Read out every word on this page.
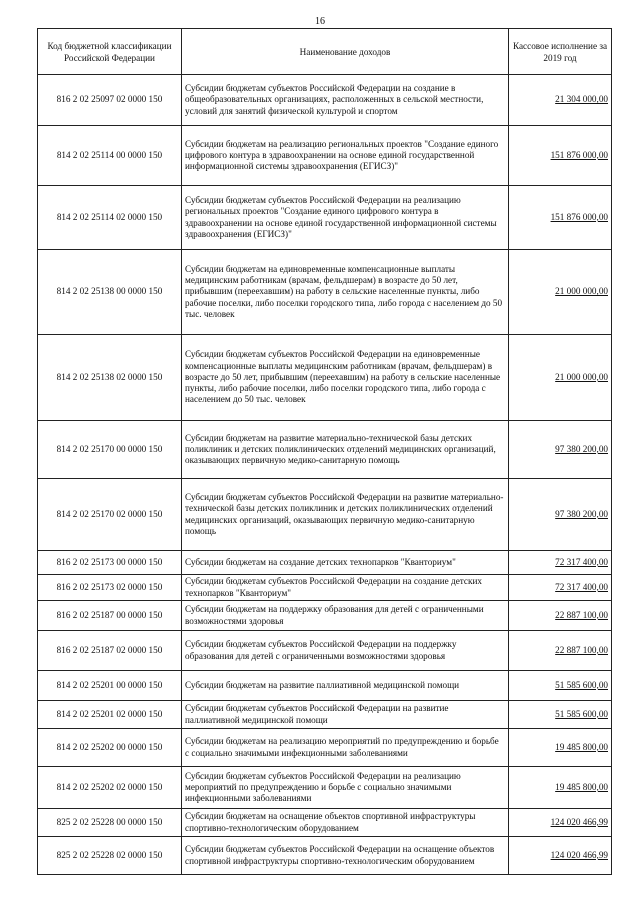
16
Код бюджетной классификации Российской Федерации	Наименование доходов	Кассовое исполнение за 2019 год
816 2 02 25097 02 0000 150	Субсидии бюджетам субъектов Российской Федерации на создание в общеобразовательных организациях, расположенных в сельской местности, условий для занятий физической культурой и спортом	21 304 000,00
814 2 02 25114 00 0000 150	Субсидии бюджетам на реализацию региональных проектов "Создание единого цифрового контура в здравоохранении на основе единой государственной информационной системы здравоохранения (ЕГИСЗ)"	151 876 000,00
814 2 02 25114 02 0000 150	Субсидии бюджетам субъектов Российской Федерации на реализацию региональных проектов "Создание единого цифрового контура в здравоохранении на основе единой государственной информационной системы здравоохранения (ЕГИСЗ)"	151 876 000,00
814 2 02 25138 00 0000 150	Субсидии бюджетам на единовременные компенсационные выплаты медицинским работникам (врачам, фельдшерам) в возрасте до 50 лет, прибывшим (переехавшим) на работу в сельские населенные пункты, либо рабочие поселки, либо поселки городского типа, либо города с населением до 50 тыс. человек	21 000 000,00
814 2 02 25138 02 0000 150	Субсидии бюджетам субъектов Российской Федерации на единовременные компенсационные выплаты медицинским работникам (врачам, фельдшерам) в возрасте до 50 лет, прибывшим (переехавшим) на работу в сельские населенные пункты, либо рабочие поселки, либо поселки городского типа, либо города с населением до 50 тыс. человек	21 000 000,00
814 2 02 25170 00 0000 150	Субсидии бюджетам на развитие материально-технической базы детских поликлиник и детских поликлинических отделений медицинских организаций, оказывающих первичную медико-санитарную помощь	97 380 200,00
814 2 02 25170 02 0000 150	Субсидии бюджетам субъектов Российской Федерации на развитие материально-технической базы детских поликлиник и детских поликлинических отделений медицинских организаций, оказывающих первичную медико-санитарную помощь	97 380 200,00
816 2 02 25173 00 0000 150	Субсидии бюджетам на создание детских технопарков "Кванториум"	72 317 400,00
816 2 02 25173 02 0000 150	Субсидии бюджетам субъектов Российской Федерации на создание детских технопарков "Кванториум"	72 317 400,00
816 2 02 25187 00 0000 150	Субсидии бюджетам на поддержку образования для детей с ограниченными возможностями здоровья	22 887 100,00
816 2 02 25187 02 0000 150	Субсидии бюджетам субъектов Российской Федерации на поддержку образования для детей с ограниченными возможностями здоровья	22 887 100,00
814 2 02 25201 00 0000 150	Субсидии бюджетам на развитие паллиативной медицинской помощи	51 585 600,00
814 2 02 25201 02 0000 150	Субсидии бюджетам субъектов Российской Федерации на развитие паллиативной медицинской помощи	51 585 600,00
814 2 02 25202 00 0000 150	Субсидии бюджетам на реализацию мероприятий по предупреждению и борьбе с социально значимыми инфекционными заболеваниями	19 485 800,00
814 2 02 25202 02 0000 150	Субсидии бюджетам субъектов Российской Федерации на реализацию мероприятий по предупреждению и борьбе с социально значимыми инфекционными заболеваниями	19 485 800,00
825 2 02 25228 00 0000 150	Субсидии бюджетам на оснащение объектов спортивной инфраструктуры спортивно-технологическим оборудованием	124 020 466,99
825 2 02 25228 02 0000 150	Субсидии бюджетам субъектов Российской Федерации на оснащение объектов спортивной инфраструктуры спортивно-технологическим оборудованием	124 020 466,99
